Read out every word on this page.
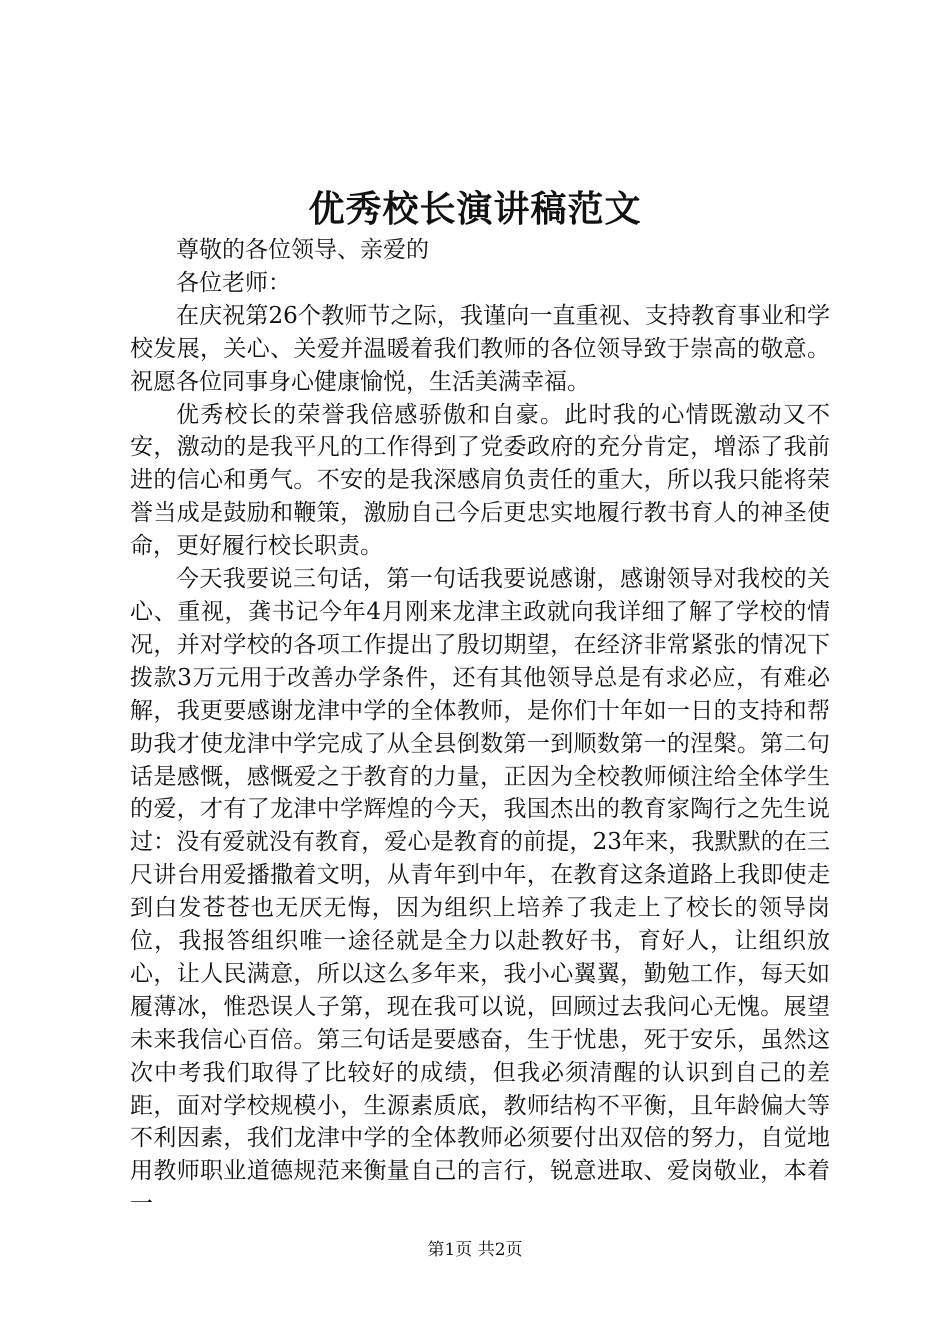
优秀校长演讲稿范文

尊敬的各位领导、亲爱的

各位老师：

在庆祝第26个教师节之际，我谨向一直重视、支持教育事业和学校发展，关心、关爱并温暖着我们教师的各位领导致于崇高的敬意。祝愿各位同事身心健康愉悦，生活美满幸福。

优秀校长的荣誉我倍感骄傲和自豪。此时我的心情既激动又不安，激动的是我平凡的工作得到了党委政府的充分肯定，增添了我前进的信心和勇气。不安的是我深感肩负责任的重大，所以我只能将荣誉当成是鼓励和鞭策，激励自己今后更忠实地履行教书育人的神圣使命，更好履行校长职责。

今天我要说三句话，第一句话我要说感谢，感谢领导对我校的关心、重视，龚书记今年4月刚来龙津主政就向我详细了解了学校的情况，并对学校的各项工作提出了殷切期望，在经济非常紧张的情况下拨款3万元用于改善办学条件，还有其他领导总是有求必应，有难必解，我更要感谢龙津中学的全体教师，是你们十年如一日的支持和帮助我才使龙津中学完成了从全县倒数第一到顺数第一的涅槃。第二句话是感慨，感慨爱之于教育的力量，正因为全校教师倾注给全体学生的爱，才有了龙津中学辉煌的今天，我国杰出的教育家陶行之先生说过：没有爱就没有教育，爱心是教育的前提，23年来，我默默的在三尺讲台用爱播撒着文明，从青年到中年，在教育这条道路上我即使走到白发苍苍也无厌无悔，因为组织上培养了我走上了校长的领导岗位，我报答组织唯一途径就是全力以赴教好书，育好人，让组织放心，让人民满意，所以这么多年来，我小心翼翼，勤勉工作，每天如履薄冰，惟恐误人子第，现在我可以说，回顾过去我问心无愧。展望未来我信心百倍。第三句话是要感奋，生于忧患，死于安乐，虽然这次中考我们取得了比较好的成绩，但我必须清醒的认识到自己的差距，面对学校规模小，生源素质底，教师结构不平衡，且年龄偏大等不利因素，我们龙津中学的全体教师必须要付出双倍的努力，自觉地用教师职业道德规范来衡量自己的言行，锐意进取、爱岗敬业，本着一

第1页 共2页
